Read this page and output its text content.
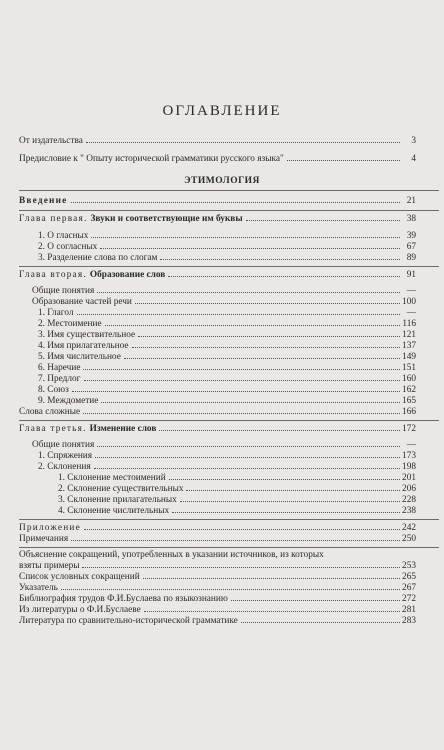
ОГЛАВЛЕНИЕ
От издательства	3
Предисловие к " Опыту исторической грамматики русского языка"	4
ЭТИМОЛОГИЯ
Введение	21
Глава первая. Звуки и соответствующие им буквы	38
1. О гласных	39
2. О согласных	67
3. Разделение слова по слогам	89
Глава вторая. Образование слов	91
Общие понятия	—
Образование частей речи	100
1. Глагол	—
2. Местоимение	116
3. Имя существительное	121
4. Имя прилагательное	137
5. Имя числительное	149
6. Наречие	151
7. Предлог	160
8. Союз	162
9. Междометие	165
Слова сложные	166
Глава третья. Изменение слов	172
Общие понятия	—
1. Спряжения	173
2. Склонения	198
1. Склонение местоимений	201
2. Склонение существительных	206
3. Склонение прилагательных	228
4. Склонение числительных	238
Приложение	242
Примечания	250
Объяснение сокращений, употребленных в указании источников, из которых
взяты примеры	253
Список условных сокращений	265
Указатель	267
Библиография трудов Ф.И.Буслаева по языкознанию	272
Из литературы о Ф.И.Буслаеве	281
Литература по сравнительно-исторической грамматике	283
